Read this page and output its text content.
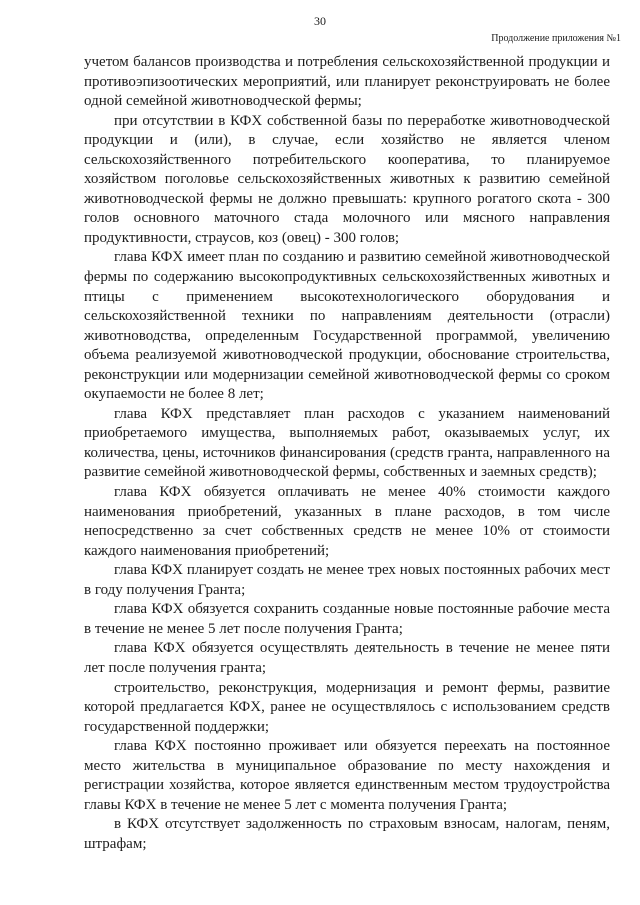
30
Продолжение приложения №1

учетом балансов производства и потребления сельскохозяйственной продукции и противоэпизоотических мероприятий, или планирует реконструировать не более одной семейной животноводческой фермы;

при отсутствии в КФХ собственной базы по переработке животноводческой продукции и (или), в случае, если хозяйство не является членом сельскохозяйственного потребительского кооператива, то планируемое хозяйством поголовье сельскохозяйственных животных к развитию семейной животноводческой фермы не должно превышать: крупного рогатого скота - 300 голов основного маточного стада молочного или мясного направления продуктивности, страусов, коз (овец) - 300 голов;

глава КФХ имеет план по созданию и развитию семейной животноводческой фермы по содержанию высокопродуктивных сельскохозяйственных животных и птицы с применением высокотехнологического оборудования и сельскохозяйственной техники по направлениям деятельности (отрасли) животноводства, определенным Государственной программой, увеличению объема реализуемой животноводческой продукции, обоснование строительства, реконструкции или модернизации семейной животноводческой фермы со сроком окупаемости не более 8 лет;

глава КФХ представляет план расходов с указанием наименований приобретаемого имущества, выполняемых работ, оказываемых услуг, их количества, цены, источников финансирования (средств гранта, направленного на развитие семейной животноводческой фермы, собственных и заемных средств);

глава КФХ обязуется оплачивать не менее 40% стоимости каждого наименования приобретений, указанных в плане расходов, в том числе непосредственно за счет собственных средств не менее 10% от стоимости каждого наименования приобретений;

глава КФХ планирует создать не менее трех новых постоянных рабочих мест в году получения Гранта;

глава КФХ обязуется сохранить созданные новые постоянные рабочие места в течение не менее 5 лет после получения Гранта;

глава КФХ обязуется осуществлять деятельность в течение не менее пяти лет после получения гранта;

строительство, реконструкция, модернизация и ремонт фермы, развитие которой предлагается КФХ, ранее не осуществлялось с использованием средств государственной поддержки;

глава КФХ постоянно проживает или обязуется переехать на постоянное место жительства в муниципальное образование по месту нахождения и регистрации хозяйства, которое является единственным местом трудоустройства главы КФХ в течение не менее 5 лет с момента получения Гранта;

в КФХ отсутствует задолженность по страховым взносам, налогам, пеням, штрафам;
